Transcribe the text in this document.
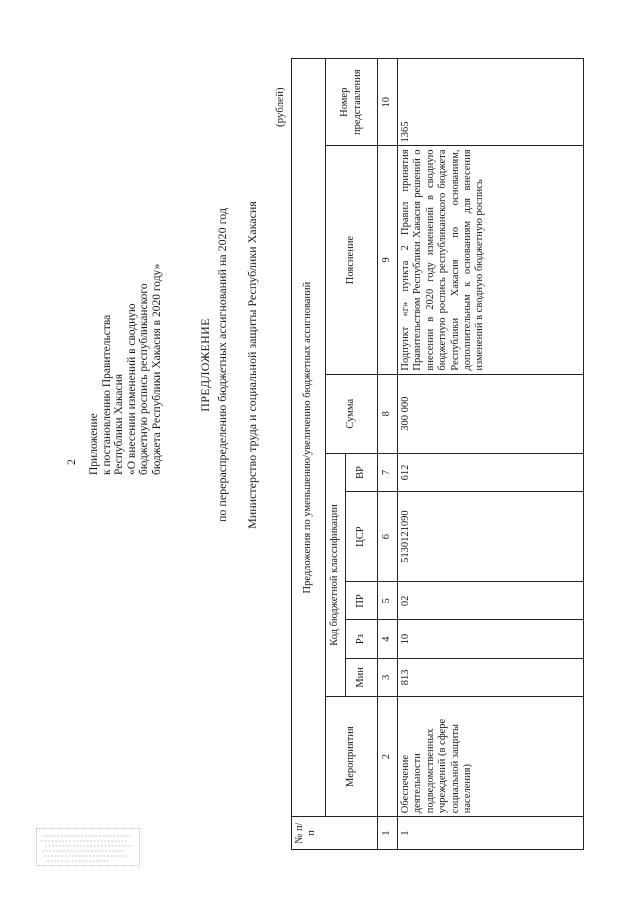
2 Приложение к постановлению Правительства Республики Хакасия «О внесении изменений в сводную бюджетную роспись республиканского бюджета Республики Хакасия в 2020 году»	ПРЕДЛОЖЕНИЕ по перераспределению бюджетных ассигнований на 2020 год Министерство труда и социальной защиты Республики Хакасия
(рублей)
№ п/п	Предложения по уменьшению/увеличению бюджетных ассигнований								
	Мероприятия	Код бюджетной классификации					Сумма	Пояснение	Номер представления
		Мин	Рз	ПР	ЦСР	ВР			
1	2	3	4	5	6	7	8	9	10
1	Обеспечение деятельности подведомственных учреждений (в сфере социальной защиты населения)	813	10	02	5130121090	612	300 000	Подпункт «г» пункта 2 Правил принятия Правительством Республики Хакасия решений о внесении в 2020 году изменений в сводную бюджетную роспись республиканского бюджета Республики Хакасия по основаниям, дополнительным к основаниям для внесения изменений в сводную бюджетную роспись	1365
